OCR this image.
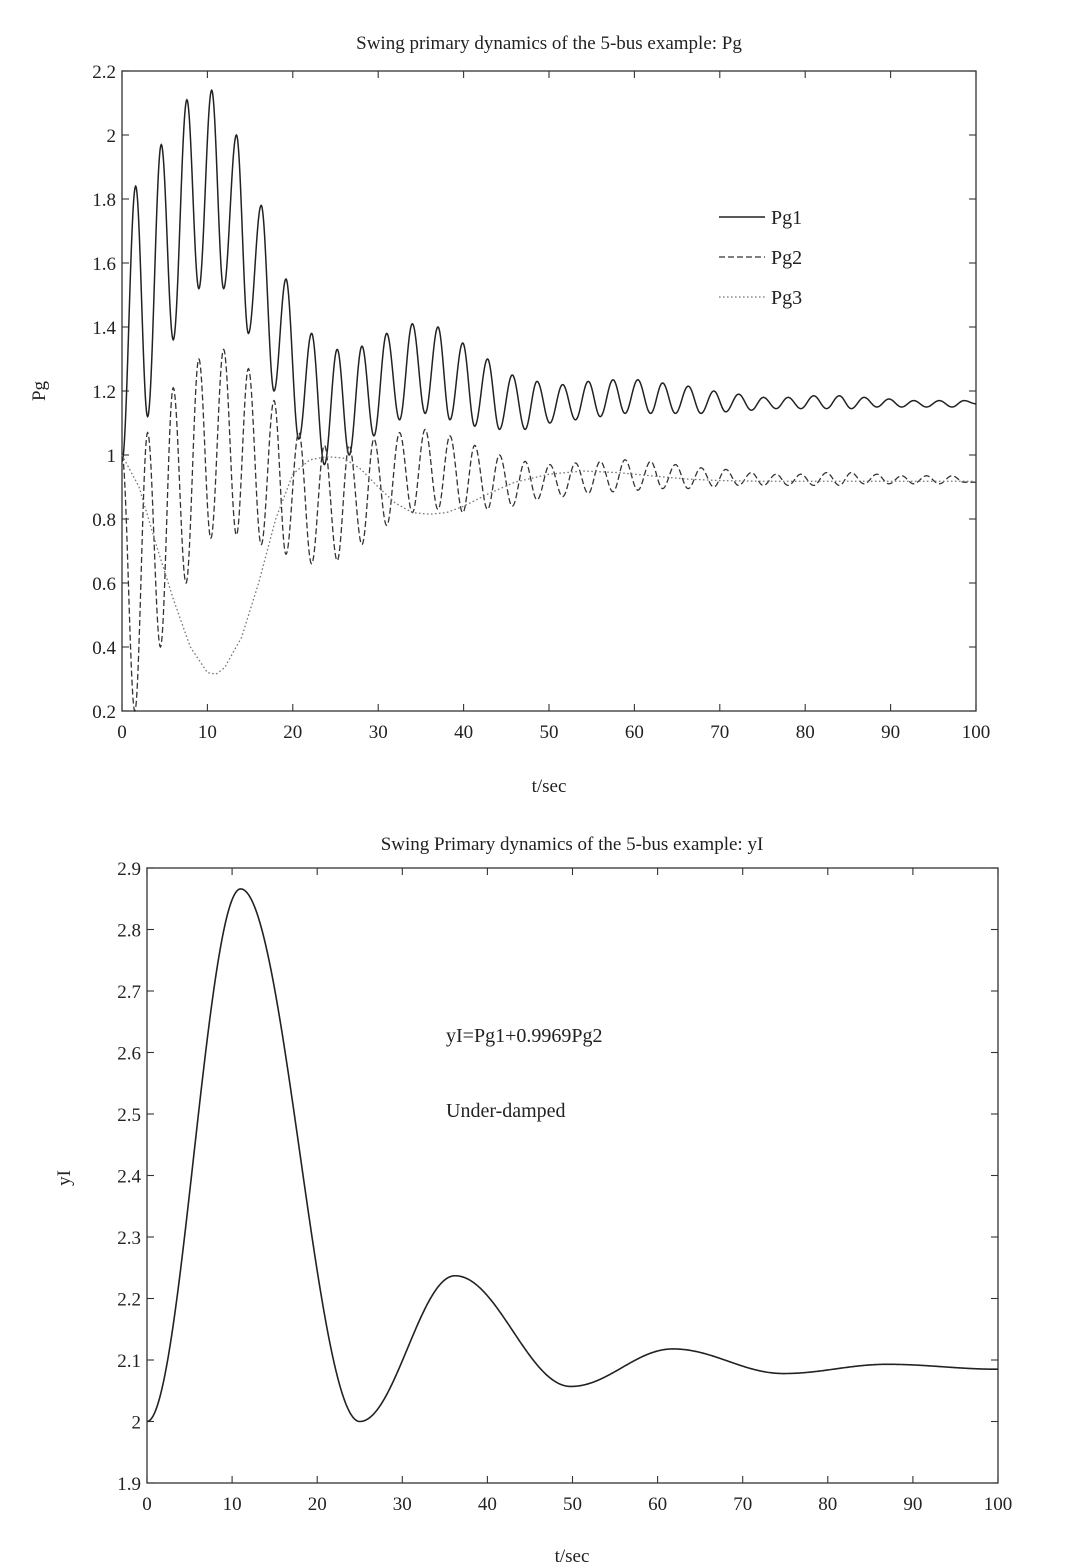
Swing primary dynamics of the 5-bus example: Pg
0	10	20	30	40	50	60	70	80	90	100
0.2
0.4
0.6
0.8
1
1.2
1.4
1.6
1.8
2
2.2
Pg1
Pg2
Pg3
t/sec
Pg
Swing Primary dynamics of the 5-bus example: yI
0	10	20	30	40	50	60	70	80	90	100
1.9
2
2.1
2.2
2.3
2.4
2.5
2.6
2.7
2.8
2.9
yI=Pg1+0.9969Pg2
Under-damped
t/sec
yI
